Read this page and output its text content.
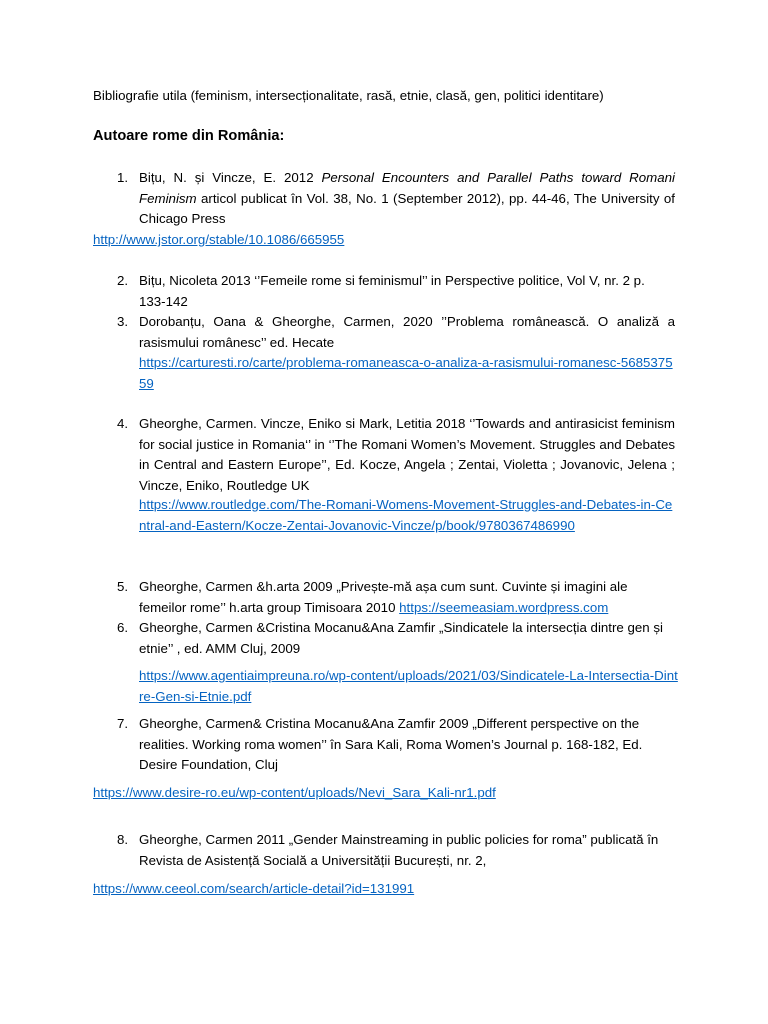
Bibliografie utila (feminism, intersecționalitate, rasă, etnie, clasă, gen, politici identitare)
Autoare rome din România:
1. Bițu, N. și Vincze, E. 2012 Personal Encounters and Parallel Paths toward Romani Feminism articol publicat în Vol. 38, No. 1 (September 2012), pp. 44-46, The University of Chicago Press
http://www.jstor.org/stable/10.1086/665955
2. Bițu, Nicoleta 2013 ‘’Femeile rome si feminismul’’ in Perspective politice, Vol V, nr. 2 p. 133-142
3. Dorobanțu, Oana & Gheorghe, Carmen, 2020 ’’Problema românească. O analiză a rasismului românesc’’ ed. Hecate
https://carturesti.ro/carte/problema-romaneasca-o-analiza-a-rasismului-romanesc-568537559
4. Gheorghe, Carmen. Vincze, Eniko si Mark, Letitia 2018 ‘’Towards and antirasicist feminism for social justice in Romania‘’ in ‘’The Romani Women’s Movement. Struggles and Debates in Central and Eastern Europe’’, Ed. Kocze, Angela ; Zentai, Violetta ; Jovanovic, Jelena ; Vincze, Eniko, Routledge UK
https://www.routledge.com/The-Romani-Womens-Movement-Struggles-and-Debates-in-Central-and-Eastern/Kocze-Zentai-Jovanovic-Vincze/p/book/9780367486990
5. Gheorghe, Carmen &h.arta 2009 „Privește-mă așa cum sunt. Cuvinte și imagini ale femeilor rome’’ h.arta group Timisoara 2010 https://seemeasiam.wordpress.com
6. Gheorghe, Carmen &Cristina Mocanu&Ana Zamfir „Sindicatele la intersecția dintre gen și etnie’’ , ed. AMM Cluj, 2009
https://www.agentiaimpreuna.ro/wp-content/uploads/2021/03/Sindicatele-La-Intersectia-Dintre-Gen-si-Etnie.pdf
7. Gheorghe, Carmen& Cristina Mocanu&Ana Zamfir 2009 „Different perspective on the realities. Working roma women’’ în Sara Kali, Roma Women’s Journal p. 168-182, Ed. Desire Foundation, Cluj
https://www.desire-ro.eu/wp-content/uploads/Nevi_Sara_Kali-nr1.pdf
8. Gheorghe, Carmen 2011 „Gender Mainstreaming in public policies for roma” publicată în Revista de Asistență Socială a Universității București, nr. 2,
https://www.ceeol.com/search/article-detail?id=131991
